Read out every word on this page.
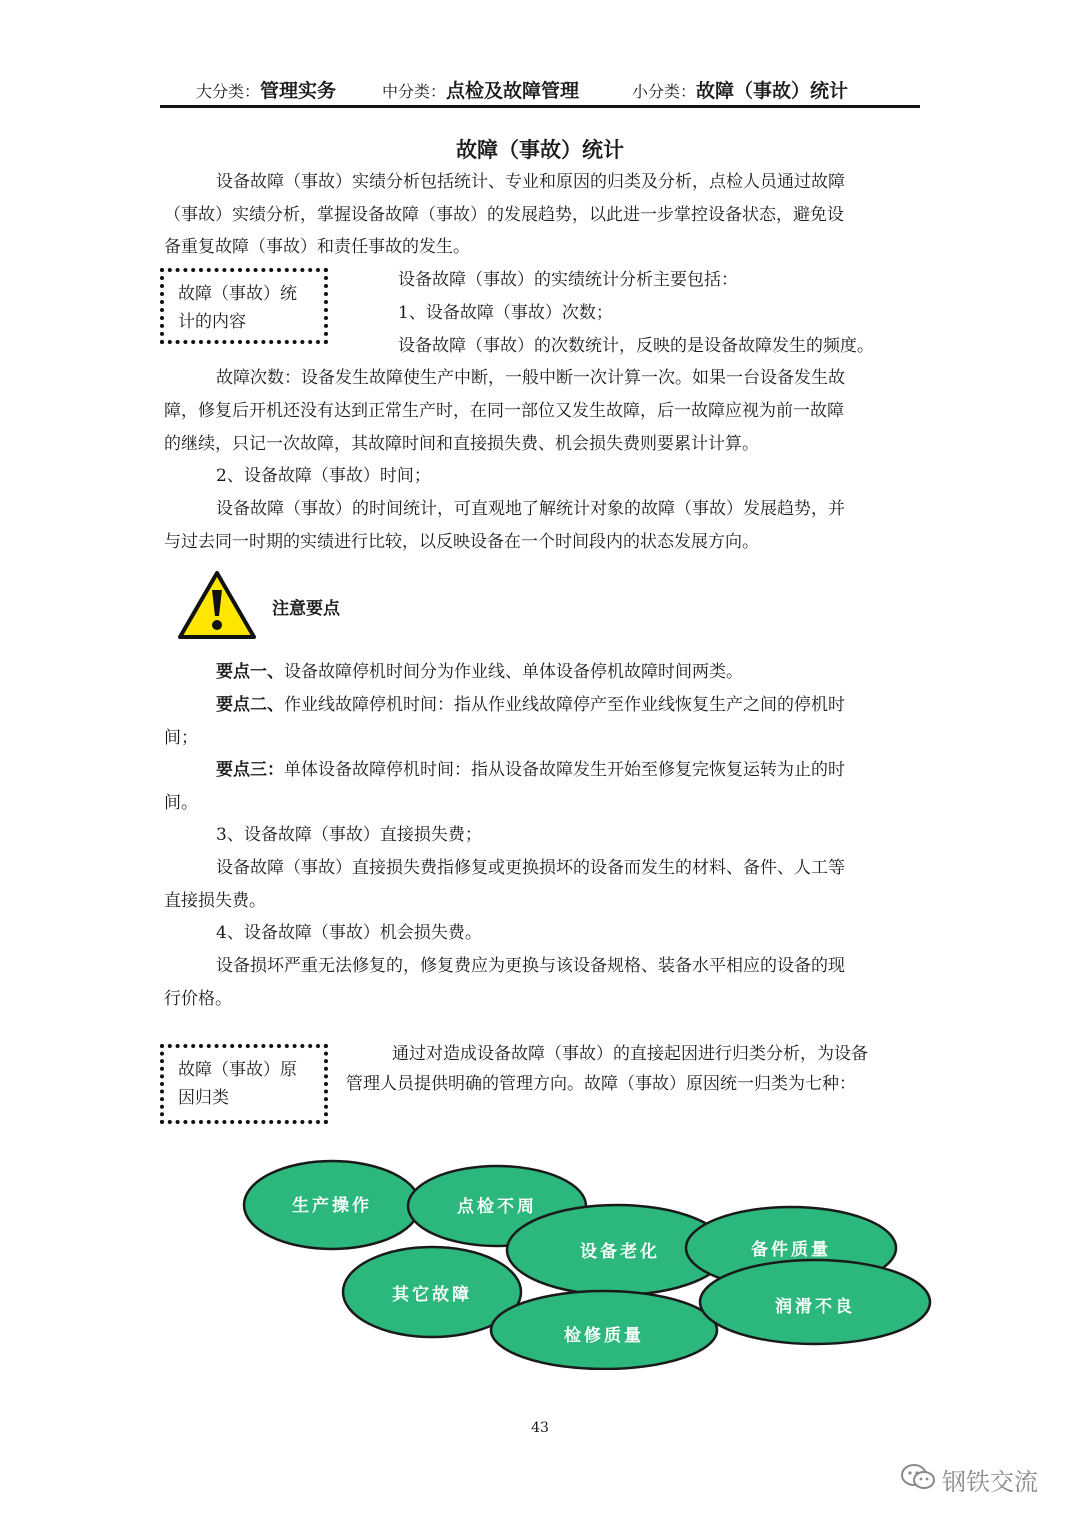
大分类：管理实务	中分类：点检及故障管理	小分类：故障（事故）统计
故障（事故）统计
设备故障（事故）实绩分析包括统计、专业和原因的归类及分析，点检人员通过故障
（事故）实绩分析，掌握设备故障（事故）的发展趋势，以此进一步掌控设备状态，避免设
备重复故障（事故）和责任事故的发生。
故障（事故）统
计的内容
设备故障（事故）的实绩统计分析主要包括：
1、设备故障（事故）次数；
设备故障（事故）的次数统计，反映的是设备故障发生的频度。
故障次数：设备发生故障使生产中断，一般中断一次计算一次。如果一台设备发生故
障，修复后开机还没有达到正常生产时，在同一部位又发生故障，后一故障应视为前一故障
的继续，只记一次故障，其故障时间和直接损失费、机会损失费则要累计计算。
2、设备故障（事故）时间；
设备故障（事故）的时间统计，可直观地了解统计对象的故障（事故）发展趋势，并
与过去同一时期的实绩进行比较，以反映设备在一个时间段内的状态发展方向。
注意要点
要点一、设备故障停机时间分为作业线、单体设备停机故障时间两类。
要点二、作业线故障停机时间：指从作业线故障停产至作业线恢复生产之间的停机时
间；
要点三：单体设备故障停机时间：指从设备故障发生开始至修复完恢复运转为止的时
间。
3、设备故障（事故）直接损失费；
设备故障（事故）直接损失费指修复或更换损坏的设备而发生的材料、备件、人工等
直接损失费。
4、设备故障（事故）机会损失费。
设备损坏严重无法修复的，修复费应为更换与该设备规格、装备水平相应的设备的现
行价格。
故障（事故）原
因归类
通过对造成设备故障（事故）的直接起因进行归类分析，为设备
管理人员提供明确的管理方向。故障（事故）原因统一归类为七种：
生产操作	点检不周
设备老化	备件质量
其它故障
检修质量
润滑不良
43
钢铁交流
